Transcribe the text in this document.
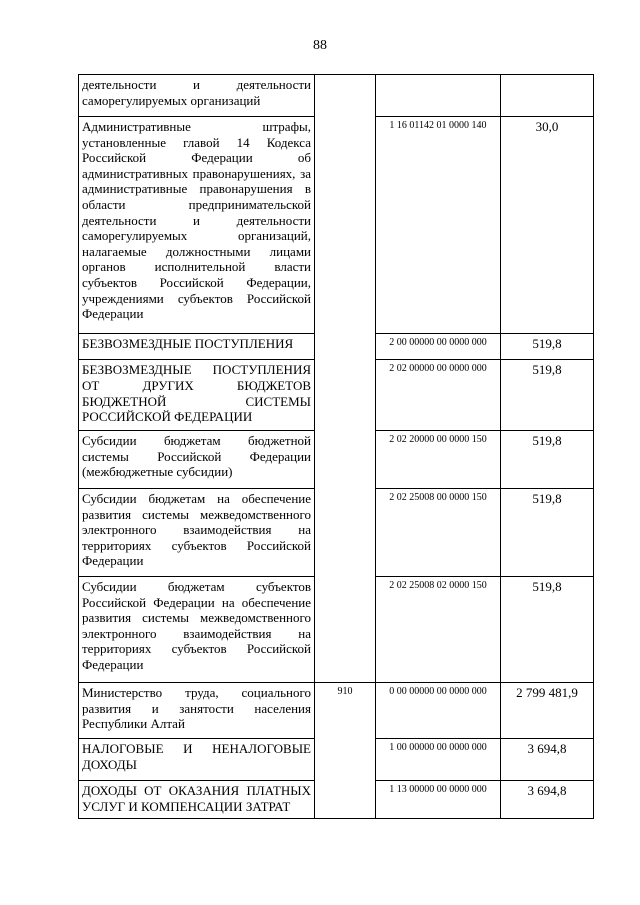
88
деятельности и деятельности саморегулируемых организаций			
Административные штрафы, установленные главой 14 Кодекса Российской Федерации об административных правонарушениях, за административные правонарушения в области предпринимательской деятельности и деятельности саморегулируемых организаций, налагаемые должностными лицами органов исполнительной власти субъектов Российской Федерации, учреждениями субъектов Российской Федерации		1 16 01142 01 0000 140	30,0
БЕЗВОЗМЕЗДНЫЕ ПОСТУПЛЕНИЯ		2 00 00000 00 0000 000	519,8
БЕЗВОЗМЕЗДНЫЕ ПОСТУПЛЕНИЯ ОТ ДРУГИХ БЮДЖЕТОВ БЮДЖЕТНОЙ СИСТЕМЫ РОССИЙСКОЙ ФЕДЕРАЦИИ		2 02 00000 00 0000 000	519,8
Субсидии бюджетам бюджетной системы Российской Федерации (межбюджетные субсидии)		2 02 20000 00 0000 150	519,8
Субсидии бюджетам на обеспечение развития системы межведомственного электронного взаимодействия на территориях субъектов Российской Федерации		2 02 25008 00 0000 150	519,8
Субсидии бюджетам субъектов Российской Федерации на обеспечение развития системы межведомственного электронного взаимодействия на территориях субъектов Российской Федерации		2 02 25008 02 0000 150	519,8
Министерство труда, социального развития и занятости населения Республики Алтай	910	0 00 00000 00 0000 000	2 799 481,9
НАЛОГОВЫЕ И НЕНАЛОГОВЫЕ ДОХОДЫ		1 00 00000 00 0000 000	3 694,8
ДОХОДЫ ОТ ОКАЗАНИЯ ПЛАТНЫХ УСЛУГ И КОМПЕНСАЦИИ ЗАТРАТ		1 13 00000 00 0000 000	3 694,8
